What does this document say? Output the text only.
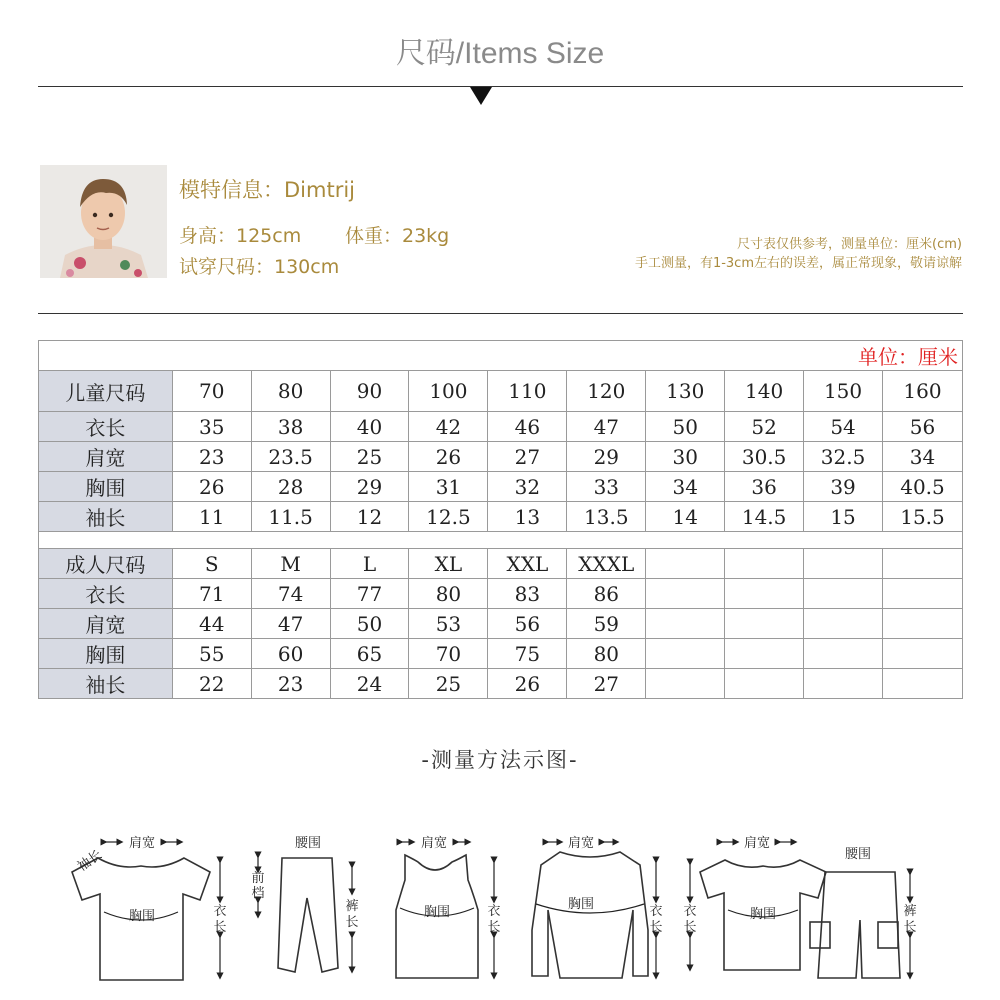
尺码/Items Size
模特信息：Dimtrij
身高：125cm 体重：23kg
试穿尺码：130cm
尺寸表仅供参考，测量单位：厘米(cm)
手工测量，有1-3cm左右的误差，属正常现象，敬请谅解
单位：厘米										
儿童尺码	70	80	90	100	110	120	130	140	150	160
衣长	35	38	40	42	46	47	50	52	54	56
肩宽	23	23.5	25	26	27	29	30	30.5	32.5	34
胸围	26	28	29	31	32	33	34	36	39	40.5
袖长	11	11.5	12	12.5	13	13.5	14	14.5	15	15.5

成人尺码	S	M	L	XL	XXL	XXXL				
衣长	71	74	77	80	83	86				
肩宽	44	47	50	53	56	59				
胸围	55	60	65	70	75	80				
袖长	22	23	24	25	26	27				
-测量方法示图-
肩宽
袖长
胸围	衣
长
腰围
前
档
裤
长
肩宽
胸围	衣
长
肩宽
胸围	衣
长
肩宽
腰围
胸围
衣
长
裤
长
